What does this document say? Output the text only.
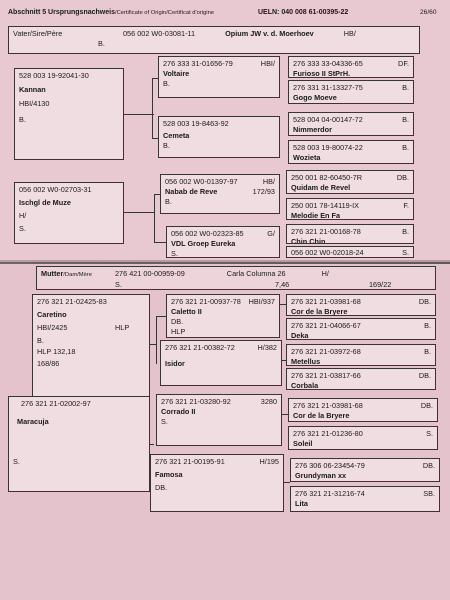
Abschnitt 5 Ursprungsnachweis/Certificate of Origin/Certificat d'origine	UELN: 040 008 61-00395-22	26/60
Vater/Sire/Père	056 002 W0-03081-11	Opium JW v. d. Moerhoev	HB/
B.
528 003 19-92041-30
Kannan
HBI/4130
B.
056 002 W0-02703-31
Ischgl de Muze
H/
S.
276 333 31-01656-79	HBI/
Voltaire
B.
528 003 19-8463-92
Cemeta
B.
056 002 W0-01397-97	HB/
Nabab de Reve	172/93
B.
056 002 W0-02323-85	G/
VDL Groep Eureka
S.
276 333 33-04336-65	DF.
Furioso II StPrH.
276 331 31-13327-75	B.
Gogo Moeve
528 004 04-00147-72	B.
Nimmerdor
528 003 19-80074-22	B.
Wozieta
250 001 82-60450-7R	DB.
Quidam de Revel
250 001 78-14119-IX	F.
Melodie En Fa
276 321 21-00168-78	B.
Chin Chin
056 002 W0-02018-24	S.
Mutter/Dam/Mère	276 421 00-00959-09	Carla Columna 26	H/
S.	7,46	169/22
276 321 21-02425-83
Caretino
HBI/2425	HLP
B.
HLP 132,18
168/86
276 321 21-02002-97
Maracuja
S.
276 321 21-00937-78 HBI/937
Caletto II
DB.
HLP
276 321 21-00382-72	H/382
Isidor
276 321 21-03280-92	3280
Corrado II
S.
276 321 21-00195-91	H/195
Famosa
DB.
276 321 21-03981-68	DB.
Cor de la Bryere
276 321 21-04066-67	B.
Deka
276 321 21-03972-68	B.
Metellus
276 321 21-03817-66	DB.
Corbala
276 321 21-03981-68	DB.
Cor de la Bryere
276 321 21-01236-80	S.
Soleil
276 306 06-23454-79	DB.
Grundyman xx
276 321 21-31216-74	SB.
Lita
